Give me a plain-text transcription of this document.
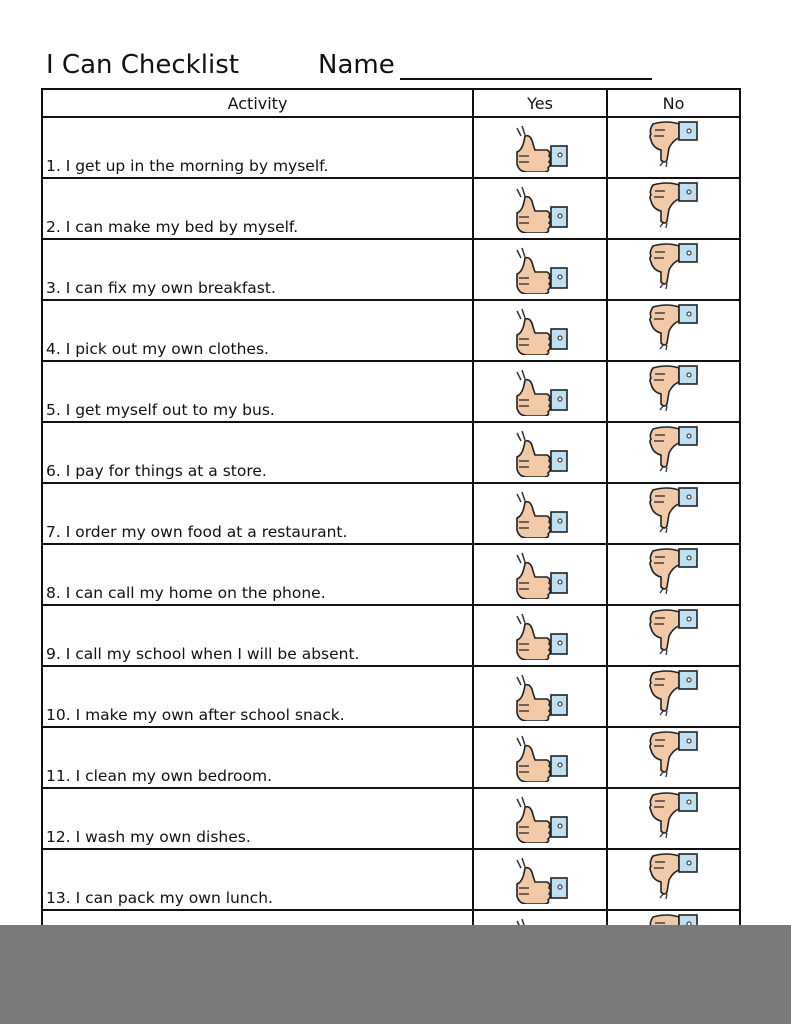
I Can Checklist	Name
Activity	Yes	No
1. I get up in the morning by myself.	

2. I can make my bed by myself.	

3. I can fix my own breakfast.	

4. I pick out my own clothes.	

5. I get myself out to my bus.	

6. I pay for things at a store.	

7. I order my own food at a restaurant.	

8. I can call my home on the phone.	

9. I call my school when I will be absent.	

10. I make my own after school snack.	

11. I clean my own bedroom.	

12. I wash my own dishes.	

13. I can pack my own lunch.	
